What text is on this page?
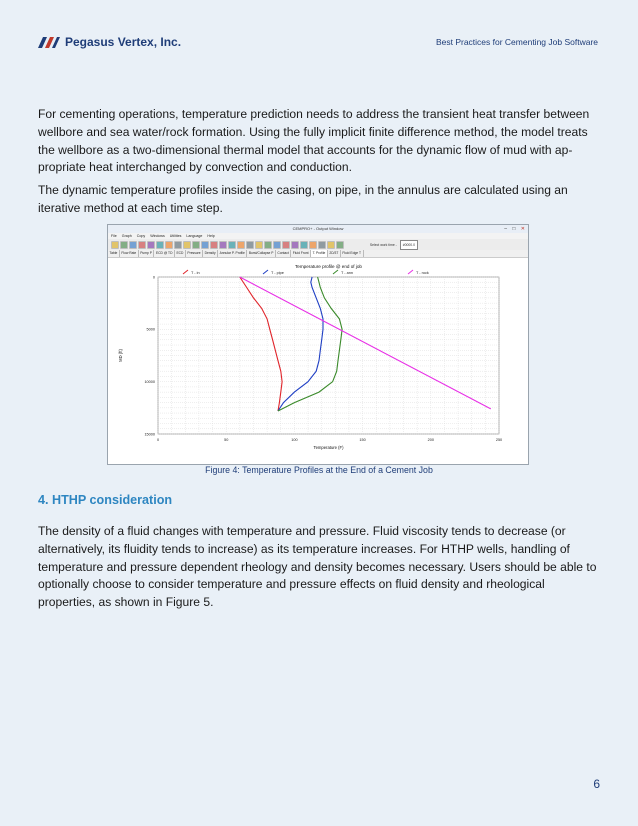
Pegasus Vertex, Inc.	Best Practices for Cementing Job Software

For cementing operations, temperature prediction needs to address the transient heat transfer between wellbore and sea water/rock formation. Using the fully implicit finite difference method, the model treats the wellbore as a two-dimensional thermal model that accounts for the dynamic flow of mud with ap-propriate heat interchanged by convection and conduction.

The dynamic temperature profiles inside the casing, on pipe, in the annulus are calculated using an iterative method at each time step.

CEMPRO+ - Output Window	– □ ✕
File Graph Copy Windows Utilities Language Help
Select work time - #0000.0
Table Flow Rate Pump P ECD @ TD ECD Pressure Density Annular P. Profile Burst/Collapse P Contact Fluid Front T. Profile 2D/3T Fluid Edge T
Temperature profile @ end of job
T - in	T - pipe	T - ann	T - rock
0	50	100	150	200	250
0
5000
10000
15000
Temperature (F)
MD (ft)
Figure 4: Temperature Profiles at the End of a Cement Job
4. HTHP consideration

The density of a fluid changes with temperature and pressure. Fluid viscosity tends to decrease (or alternatively, its fluidity tends to increase) as its temperature increases. For HTHP wells, handling of temperature and pressure dependent rheology and density becomes necessary. Users should be able to optionally choose to consider temperature and pressure effects on fluid density and rheological properties, as shown in Figure 5.

6
